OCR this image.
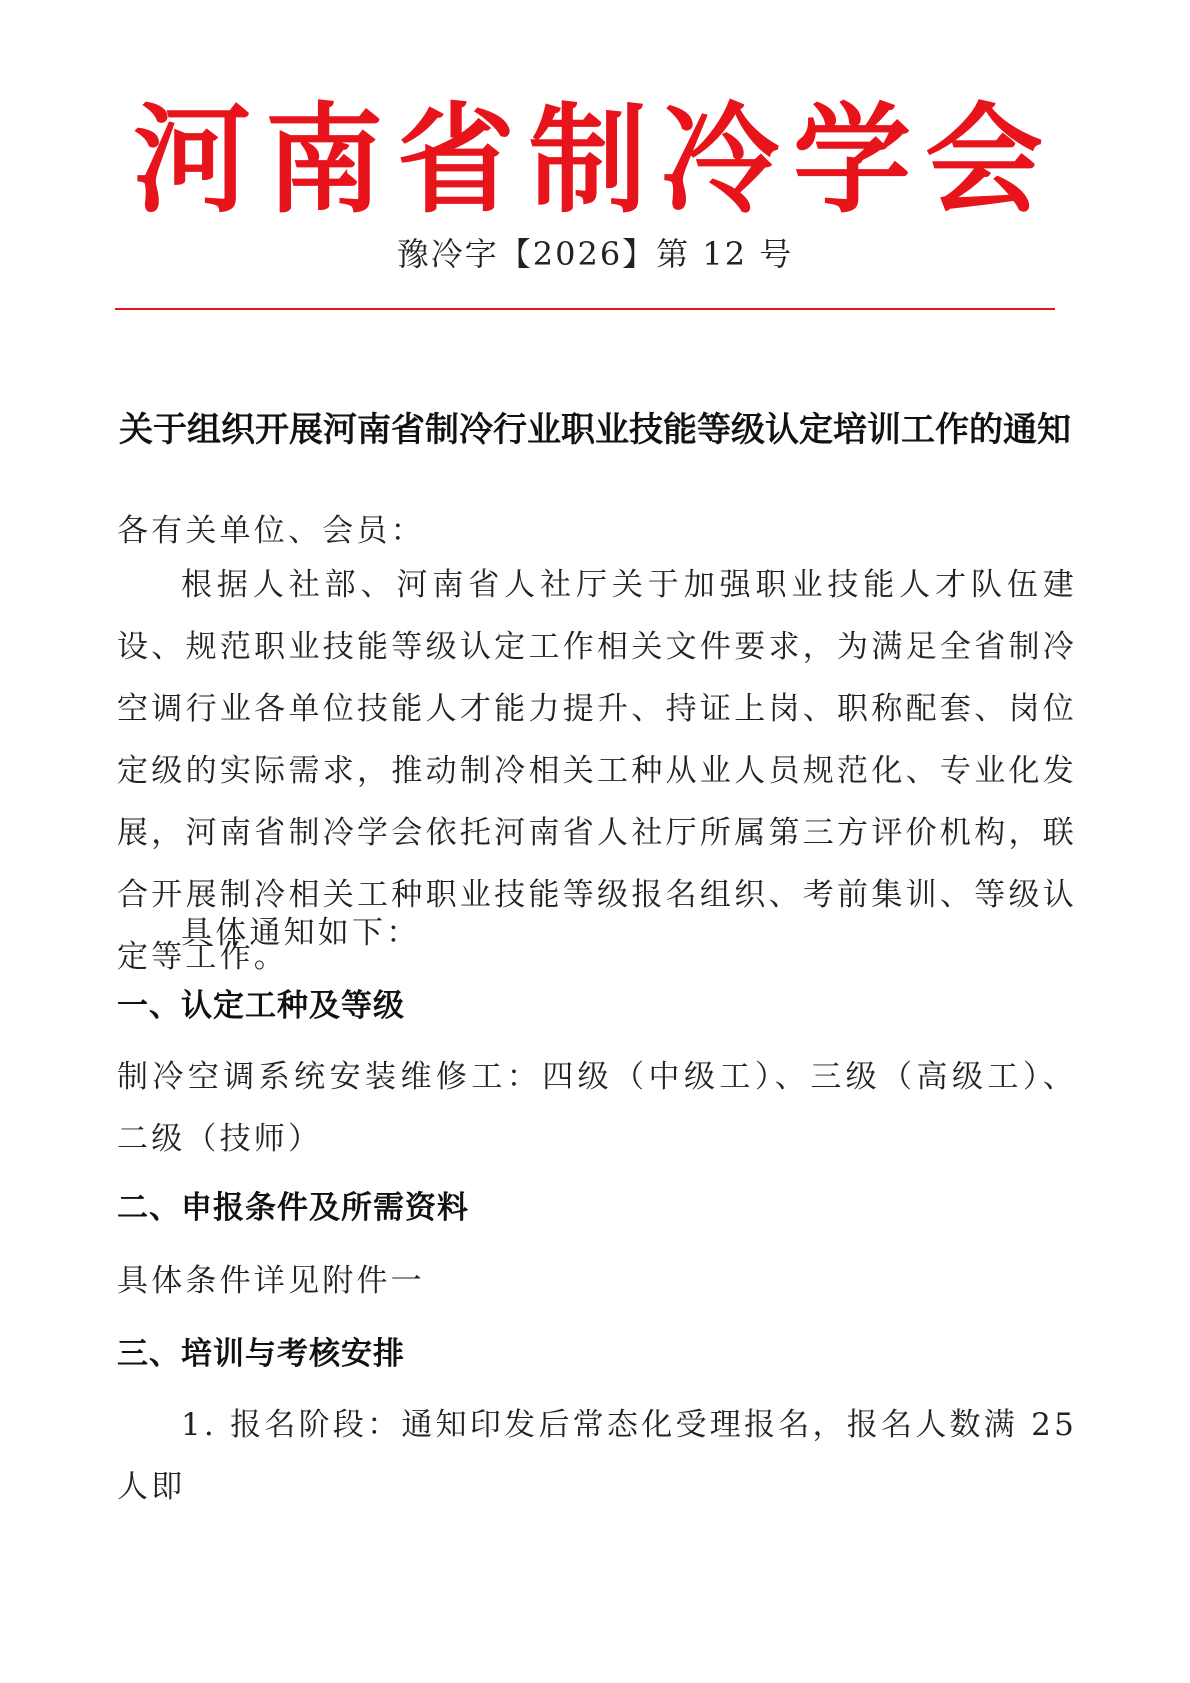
河南省制冷学会
豫冷字【2026】第 12 号
关于组织开展河南省制冷行业职业技能等级认定培训工作的通知
各有关单位、会员：
根据人社部、河南省人社厅关于加强职业技能人才队伍建设、规范职业技能等级认定工作相关文件要求，为满足全省制冷空调行业各单位技能人才能力提升、持证上岗、职称配套、岗位定级的实际需求，推动制冷相关工种从业人员规范化、专业化发展，河南省制冷学会依托河南省人社厅所属第三方评价机构，联合开展制冷相关工种职业技能等级报名组织、考前集训、等级认定等工作。
具体通知如下：
一、认定工种及等级
制冷空调系统安装维修工：四级（中级工）、三级（高级工）、二级（技师）
二、申报条件及所需资料
具体条件详见附件一
三、培训与考核安排
1. 报名阶段：通知印发后常态化受理报名，报名人数满 25 人即
